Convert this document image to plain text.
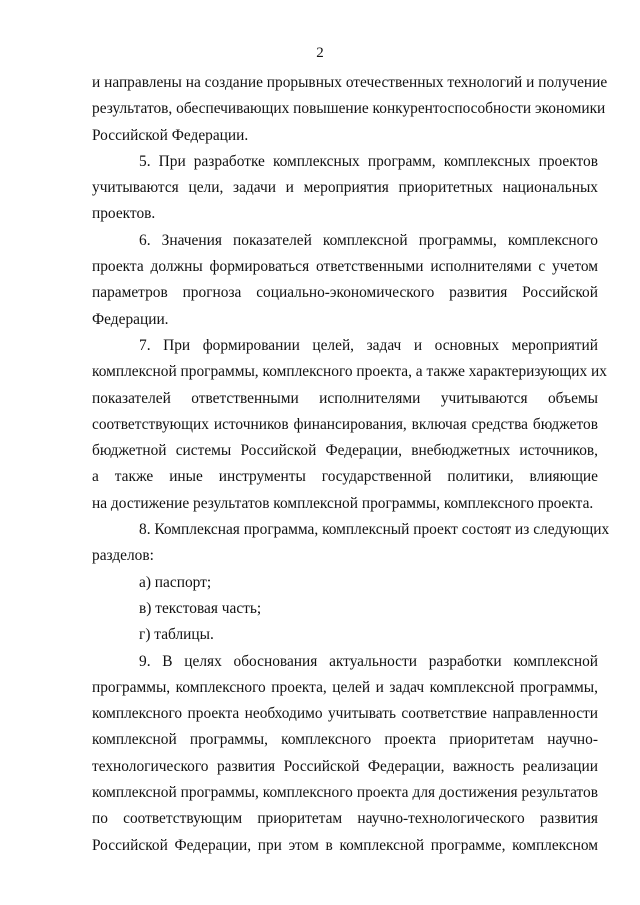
2
и направлены на создание прорывных отечественных технологий и получение
результатов, обеспечивающих повышение конкурентоспособности экономики
Российской Федерации.
5. При разработке комплексных программ, комплексных проектов
учитываются цели, задачи и мероприятия приоритетных национальных
проектов.
6. Значения показателей комплексной программы, комплексного
проекта должны формироваться ответственными исполнителями с учетом
параметров прогноза социально-экономического развития Российской
Федерации.
7. При формировании целей, задач и основных мероприятий
комплексной программы, комплексного проекта, а также характеризующих их
показателей ответственными исполнителями учитываются объемы
соответствующих источников финансирования, включая средства бюджетов
бюджетной системы Российской Федерации, внебюджетных источников,
а также иные инструменты государственной политики, влияющие
на достижение результатов комплексной программы, комплексного проекта.
8. Комплексная программа, комплексный проект состоят из следующих
разделов:
а) паспорт;
в) текстовая часть;
г) таблицы.
9. В целях обоснования актуальности разработки комплексной
программы, комплексного проекта, целей и задач комплексной программы,
комплексного проекта необходимо учитывать соответствие направленности
комплексной программы, комплексного проекта приоритетам научно-
технологического развития Российской Федерации, важность реализации
комплексной программы, комплексного проекта для достижения результатов
по соответствующим приоритетам научно-технологического развития
Российской Федерации, при этом в комплексной программе, комплексном
